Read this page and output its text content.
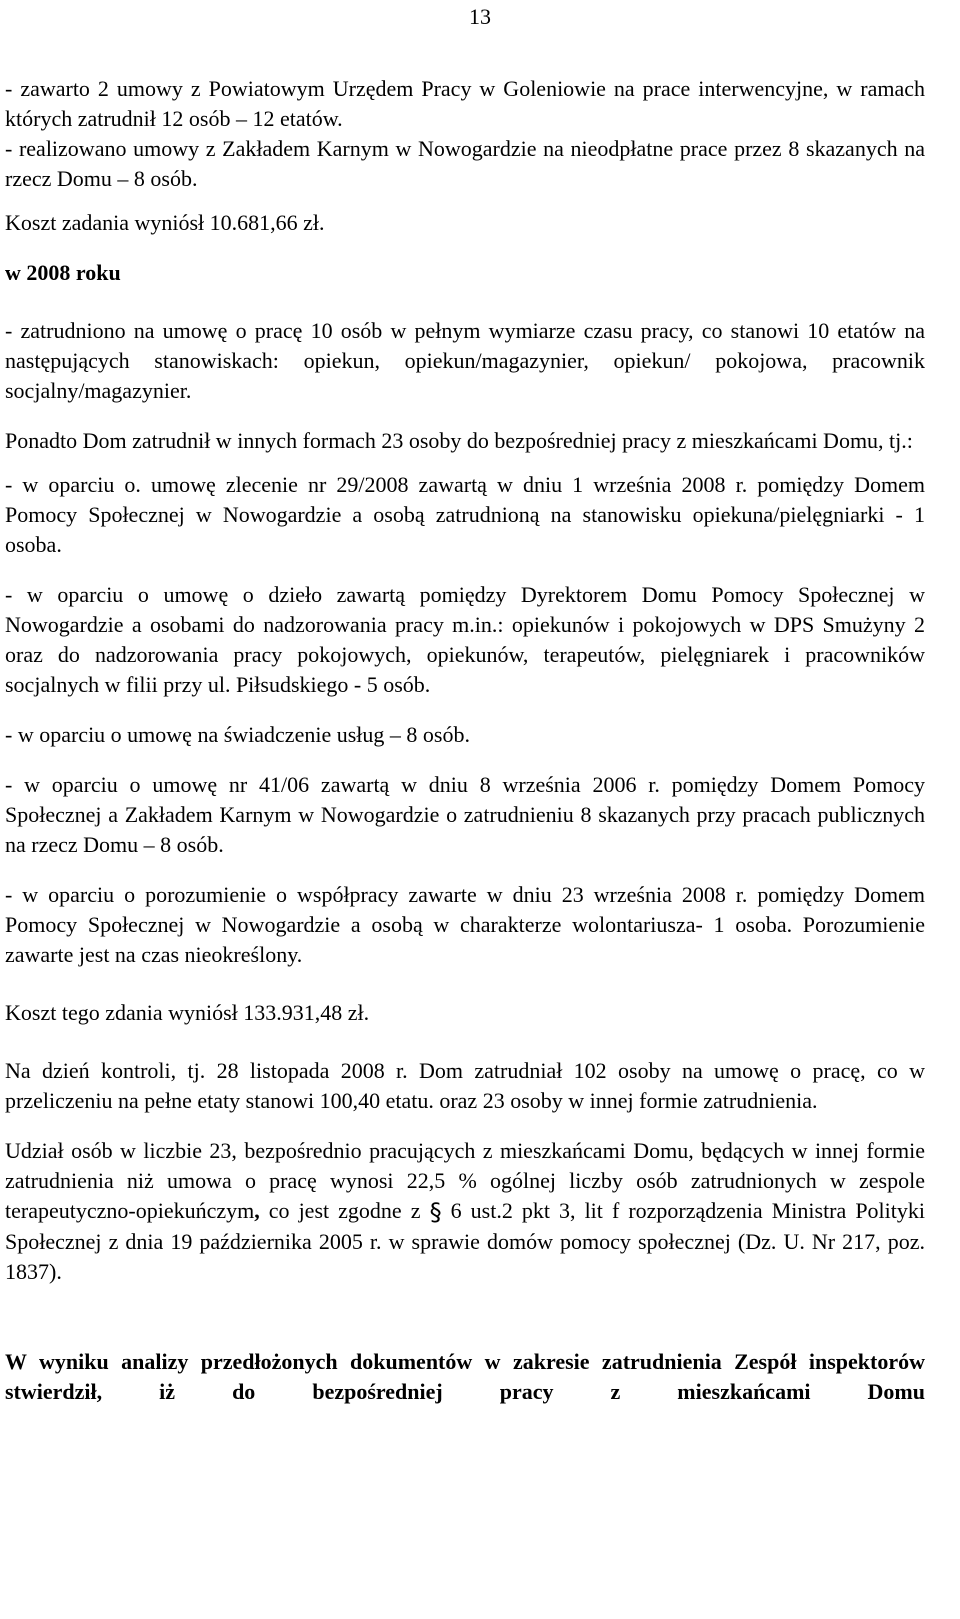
13

- zawarto 2 umowy z Powiatowym Urzędem Pracy w Goleniowie na prace interwencyjne, w ramach których zatrudnił 12 osób – 12 etatów.

- realizowano umowy z Zakładem Karnym w Nowogardzie na nieodpłatne prace przez 8 skazanych na rzecz Domu – 8 osób.

Koszt zadania wyniósł 10.681,66 zł.

w 2008 roku

- zatrudniono na umowę o pracę 10 osób w pełnym wymiarze czasu pracy, co stanowi 10 etatów na następujących stanowiskach: opiekun, opiekun/magazynier, opiekun/ pokojowa, pracownik socjalny/magazynier.

Ponadto Dom zatrudnił w innych formach 23 osoby do bezpośredniej pracy z mieszkańcami Domu, tj.:

- w oparciu o. umowę zlecenie nr 29/2008 zawartą w dniu 1 września 2008 r. pomiędzy Domem Pomocy Społecznej w Nowogardzie a osobą zatrudnioną na stanowisku opiekuna/pielęgniarki - 1 osoba.

- w oparciu o umowę o dzieło zawartą pomiędzy Dyrektorem Domu Pomocy Społecznej w Nowogardzie a osobami do nadzorowania pracy m.in.: opiekunów i pokojowych w DPS Smużyny 2 oraz do nadzorowania pracy pokojowych, opiekunów, terapeutów, pielęgniarek i pracowników socjalnych w filii przy ul. Piłsudskiego - 5 osób.

- w oparciu o umowę na świadczenie usług – 8 osób.

- w oparciu o umowę nr 41/06 zawartą w dniu 8 września 2006 r. pomiędzy Domem Pomocy Społecznej a Zakładem Karnym w Nowogardzie o zatrudnieniu 8 skazanych przy pracach publicznych na rzecz Domu – 8 osób.

- w oparciu o porozumienie o współpracy zawarte w dniu 23 września 2008 r. pomiędzy Domem Pomocy Społecznej w Nowogardzie a osobą w charakterze wolontariusza- 1 osoba. Porozumienie zawarte jest na czas nieokreślony.

Koszt tego zdania wyniósł 133.931,48 zł.

Na dzień kontroli, tj. 28 listopada 2008 r. Dom zatrudniał 102 osoby na umowę o pracę, co w przeliczeniu na pełne etaty stanowi 100,40 etatu. oraz 23 osoby w innej formie zatrudnienia.

Udział osób w liczbie 23, bezpośrednio pracujących z mieszkańcami Domu, będących w innej formie zatrudnienia niż umowa o pracę wynosi 22,5 % ogólnej liczby osób zatrudnionych w zespole terapeutyczno-opiekuńczym, co jest zgodne z § 6 ust.2 pkt 3, lit f rozporządzenia Ministra Polityki Społecznej z dnia 19 października 2005 r. w sprawie domów pomocy społecznej (Dz. U. Nr 217, poz. 1837).

W wyniku analizy przedłożonych dokumentów w zakresie zatrudnienia Zespół inspektorów stwierdził, iż do bezpośredniej pracy z mieszkańcami Domu
